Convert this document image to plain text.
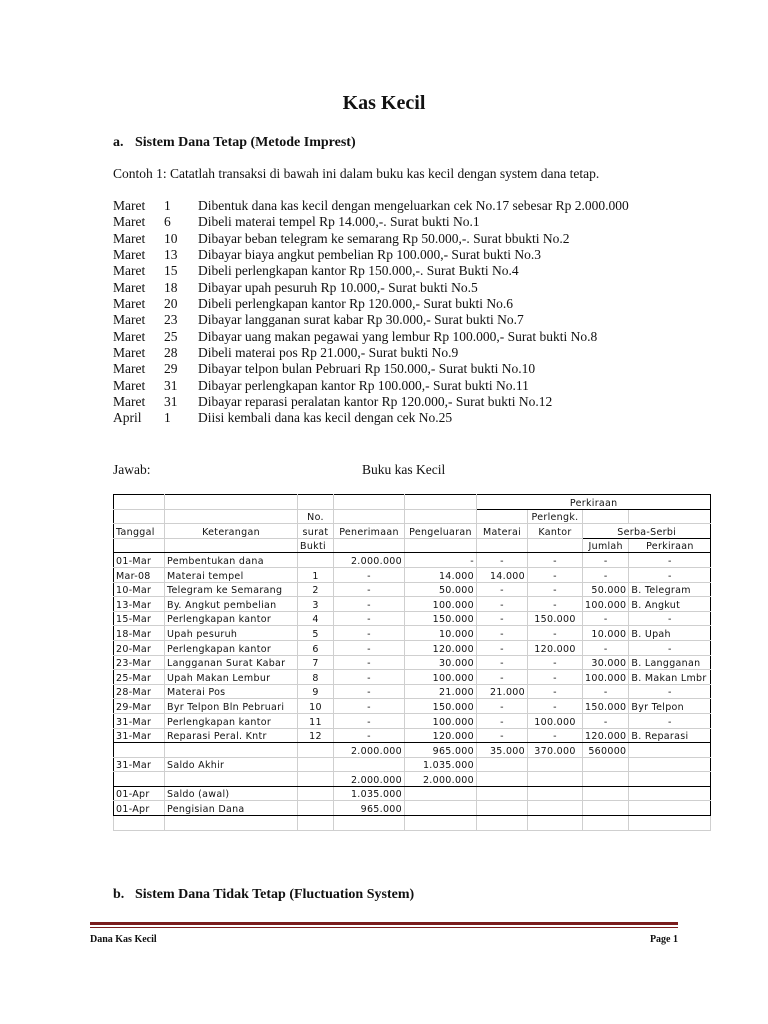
Kas Kecil
a. Sistem Dana Tetap (Metode Imprest)
Contoh 1: Catatlah transaksi di bawah ini dalam buku kas kecil dengan system dana tetap.
Maret 1 Dibentuk dana kas kecil dengan mengeluarkan cek No.17 sebesar Rp 2.000.000
Maret 6 Dibeli materai tempel Rp 14.000,-. Surat bukti No.1
Maret 10 Dibayar beban telegram ke semarang Rp 50.000,-. Surat bbukti No.2
Maret 13 Dibayar biaya angkut pembelian Rp 100.000,- Surat bukti No.3
Maret 15 Dibeli perlengkapan kantor Rp 150.000,-. Surat Bukti No.4
Maret 18 Dibayar upah pesuruh Rp 10.000,- Surat bukti No.5
Maret 20 Dibeli perlengkapan kantor Rp 120.000,- Surat bukti No.6
Maret 23 Dibayar langganan surat kabar Rp 30.000,- Surat bukti No.7
Maret 25 Dibayar uang makan pegawai yang lembur Rp 100.000,- Surat bukti No.8
Maret 28 Dibeli materai pos Rp 21.000,- Surat bukti No.9
Maret 29 Dibayar telpon bulan Pebruari Rp 150.000,- Surat bukti No.10
Maret 31 Dibayar perlengkapan kantor Rp 100.000,- Surat bukti No.11
Maret 31 Dibayar reparasi peralatan kantor Rp 120.000,- Surat bukti No.12
April 1 Diisi kembali dana kas kecil dengan cek No.25
Jawab:	Buku kas Kecil
					Perkiraan			
		No.				Perlengk.		
Tanggal	Keterangan	surat	Penerimaan	Pengeluaran	Materai	Kantor	Serba-Serbi	
		Bukti					Jumlah	Perkiraan
01-Mar	Pembentukan dana		2.000.000	-	-	-	-	-
Mar-08	Materai tempel	1	-	14.000	14.000	-	-	-
10-Mar	Telegram ke Semarang	2	-	50.000	-	-	50.000	B. Telegram
13-Mar	By. Angkut pembelian	3	-	100.000	-	-	100.000	B. Angkut
15-Mar	Perlengkapan kantor	4	-	150.000	-	150.000	-	-
18-Mar	Upah pesuruh	5	-	10.000	-	-	10.000	B. Upah
20-Mar	Perlengkapan kantor	6	-	120.000	-	120.000	-	-
23-Mar	Langganan Surat Kabar	7	-	30.000	-	-	30.000	B. Langganan
25-Mar	Upah Makan Lembur	8	-	100.000	-	-	100.000	B. Makan Lmbr
28-Mar	Materai Pos	9	-	21.000	21.000	-	-	-
29-Mar	Byr Telpon Bln Pebruari	10	-	150.000	-	-	150.000	Byr Telpon
31-Mar	Perlengkapan kantor	11	-	100.000	-	100.000	-	-
31-Mar	Reparasi Peral. Kntr	12	-	120.000	-	-	120.000	B. Reparasi
			2.000.000	965.000	35.000	370.000	560000	
31-Mar	Saldo Akhir			1.035.000				
			2.000.000	2.000.000				
01-Apr	Saldo (awal)		1.035.000					
01-Apr	Pengisian Dana		965.000					

b. Sistem Dana Tidak Tetap (Fluctuation System)
Dana Kas Kecil	Page 1
